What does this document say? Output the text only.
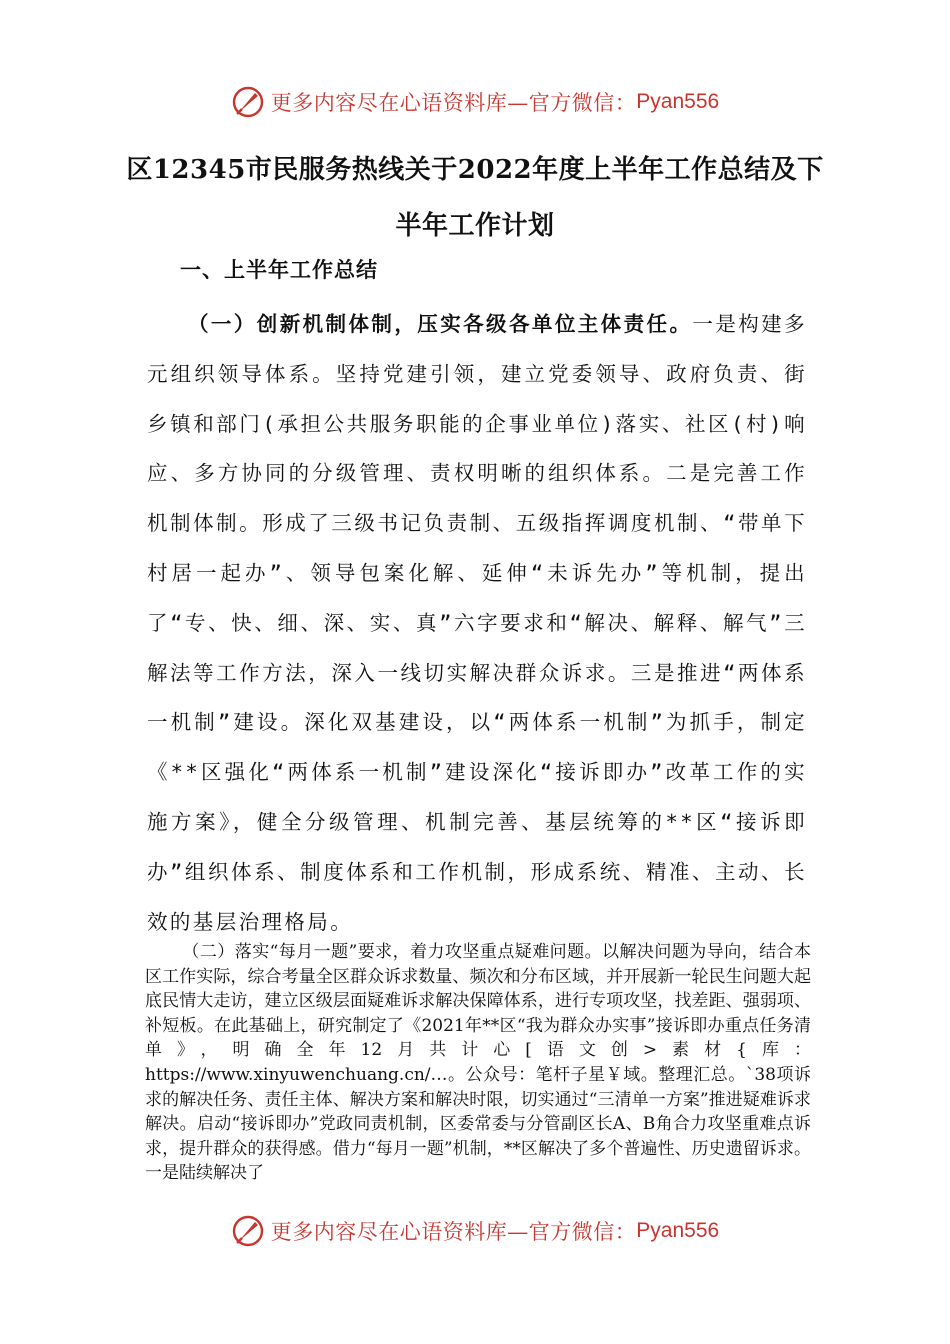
更多内容尽在心语资料库—官方微信： Pyan556
区12345市民服务热线关于2022年度上半年工作总结及下
半年工作计划
一、上半年工作总结
（一）创新机制体制，压实各级各单位主体责任。一是构建多元组织领导体系。坚持党建引领，建立党委领导、政府负责、街乡镇和部门(承担公共服务职能的企事业单位)落实、社区(村)响应、多方协同的分级管理、责权明晰的组织体系。二是完善工作机制体制。形成了三级书记负责制、五级指挥调度机制、“带单下村居一起办”、领导包案化解、延伸“未诉先办”等机制，提出了“专、快、细、深、实、真”六字要求和“解决、解释、解气”三解法等工作方法，深入一线切实解决群众诉求。三是推进“两体系一机制”建设。深化双基建设，以“两体系一机制”为抓手，制定《**区强化“两体系一机制”建设深化“接诉即办”改革工作的实施方案》，健全分级管理、机制完善、基层统筹的**区“接诉即办”组织体系、制度体系和工作机制，形成系统、精准、主动、长效的基层治理格局。
（二）落实“每月一题”要求，着力攻坚重点疑难问题。以解决问题为导向，结合本区工作实际，综合考量全区群众诉求数量、频次和分布区域，并开展新一轮民生问题大起底民情大走访，建立区级层面疑难诉求解决保障体系，进行专项攻坚，找差距、强弱项、补短板。在此基础上，研究制定了《2021年**区“我为群众办实事”接诉即办重点任务清单》，明确全年12月共计心[语文创>素材{库：https://www.xinyuwenchuang.cn/…。公众号：笔杆子星￥域。整理汇总。`38项诉求的解决任务、责任主体、解决方案和解决时限，切实通过“三清单一方案”推进疑难诉求解决。启动“接诉即办”党政同责机制，区委常委与分管副区长A、B角合力攻坚重难点诉求，提升群众的获得感。借力“每月一题”机制，**区解决了多个普遍性、历史遗留诉求。一是陆续解决了
更多内容尽在心语资料库—官方微信： Pyan556
